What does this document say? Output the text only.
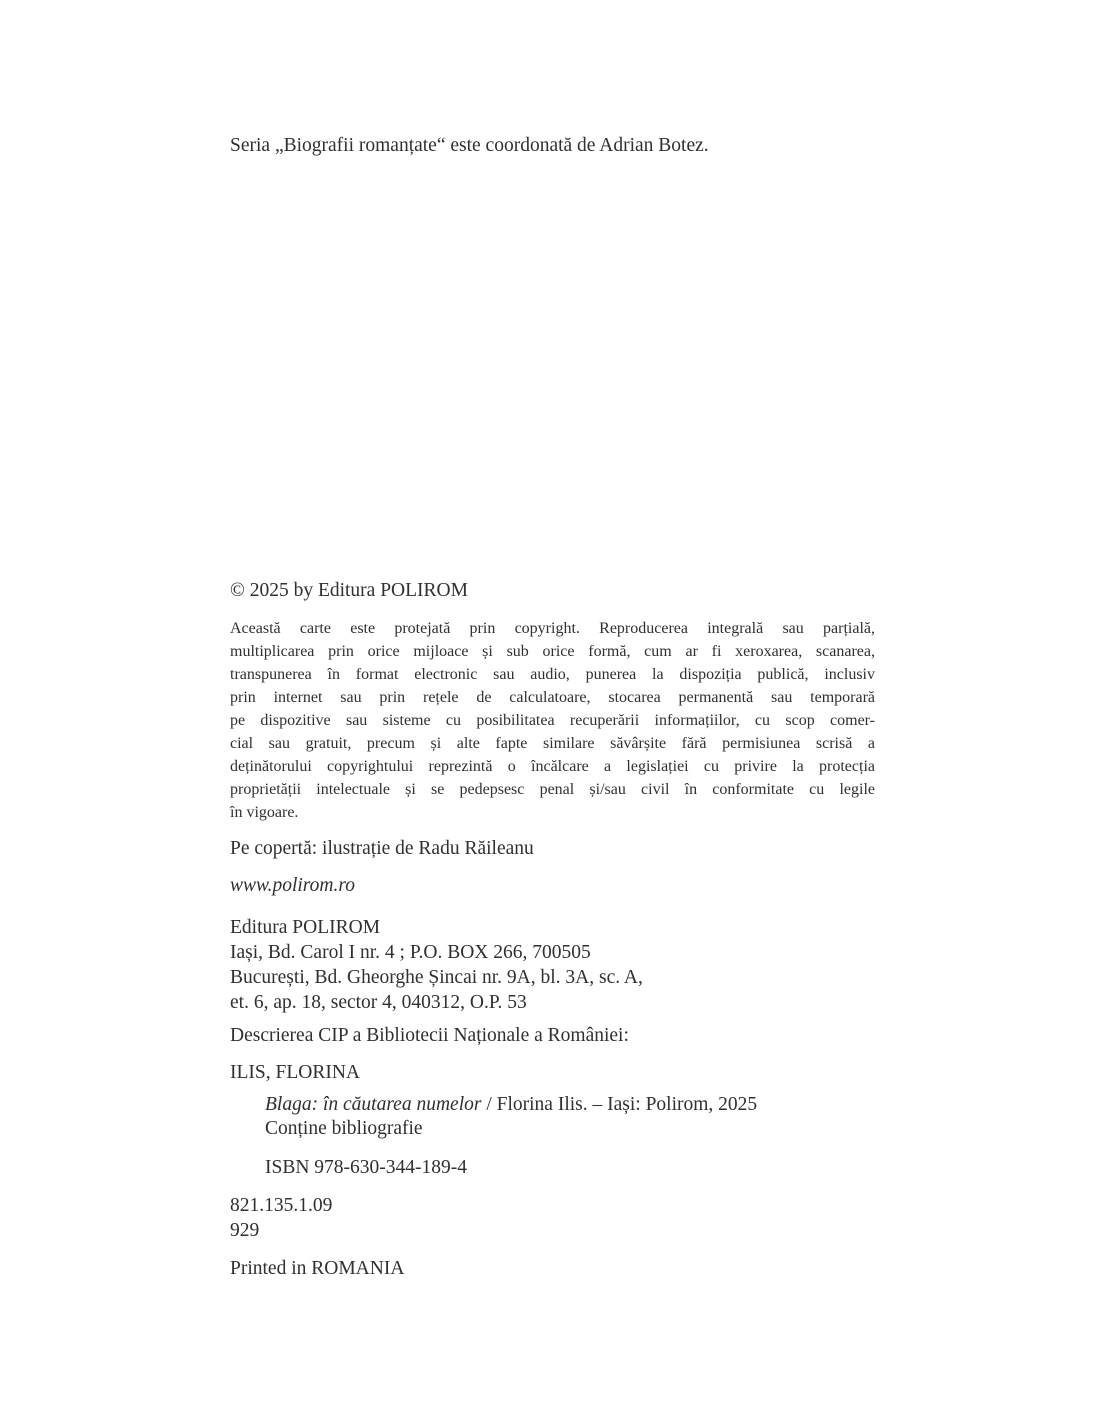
Seria „Biografii romanțate“ este coordonată de Adrian Botez.
© 2025 by Editura POLIROM
Această carte este protejată prin copyright. Reproducerea integrală sau parțială,
multiplicarea prin orice mijloace și sub orice formă, cum ar fi xeroxarea, scanarea,
transpunerea în format electronic sau audio, punerea la dispoziția publică, inclusiv
prin internet sau prin rețele de calculatoare, stocarea permanentă sau temporară
pe dispozitive sau sisteme cu posibilitatea recuperării informațiilor, cu scop comer-
cial sau gratuit, precum și alte fapte similare săvârșite fără permisiunea scrisă a
deținătorului copyrightului reprezintă o încălcare a legislației cu privire la protecția
proprietății intelectuale și se pedepsesc penal și/sau civil în conformitate cu legile
în vigoare.
Pe copertă: ilustrație de Radu Răileanu
www.polirom.ro
Editura POLIROM
Iași, Bd. Carol I nr. 4 ; P.O. BOX 266, 700505
București, Bd. Gheorghe Șincai nr. 9A, bl. 3A, sc. A,
et. 6, ap. 18, sector 4, 040312, O.P. 53
Descrierea CIP a Bibliotecii Naționale a României:
ILIS, FLORINA
Blaga: în căutarea numelor / Florina Ilis. – Iași: Polirom, 2025
Conține bibliografie
ISBN 978-630-344-189-4
821.135.1.09
929
Printed in ROMANIA
